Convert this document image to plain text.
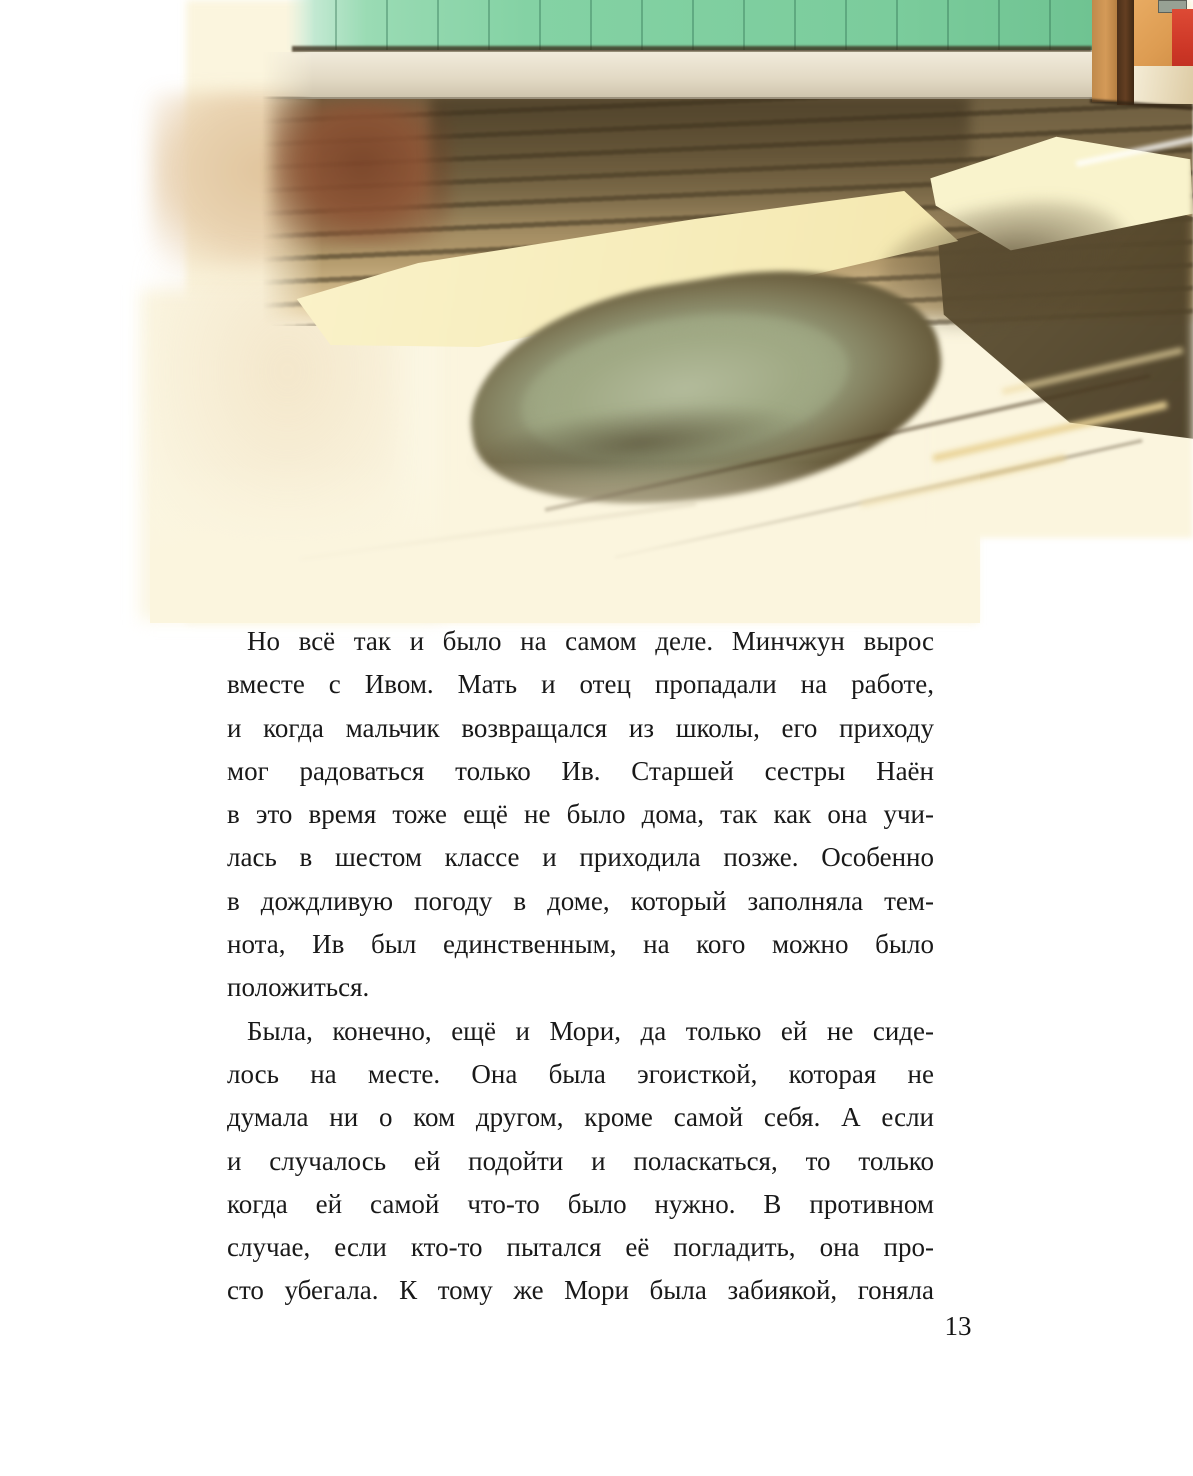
Но всё так и было на самом деле. Минчжун вырос
вместе с Ивом. Мать и отец пропадали на работе,
и когда мальчик возвращался из школы, его приходу
мог радоваться только Ив. Старшей сестры Наён
в это время тоже ещё не было дома, так как она учи-
лась в шестом классе и приходила позже. Особенно
в дождливую погоду в доме, который заполняла тем-
нота, Ив был единственным, на кого можно было
положиться.
Была, конечно, ещё и Мори, да только ей не сиде-
лось на месте. Она была эгоисткой, которая не
думала ни о ком другом, кроме самой себя. А если
и случалось ей подойти и поласкаться, то только
когда ей самой что-то было нужно. В противном
случае, если кто-то пытался её погладить, она про-
сто убегала. К тому же Мори была забиякой, гоняла
13
